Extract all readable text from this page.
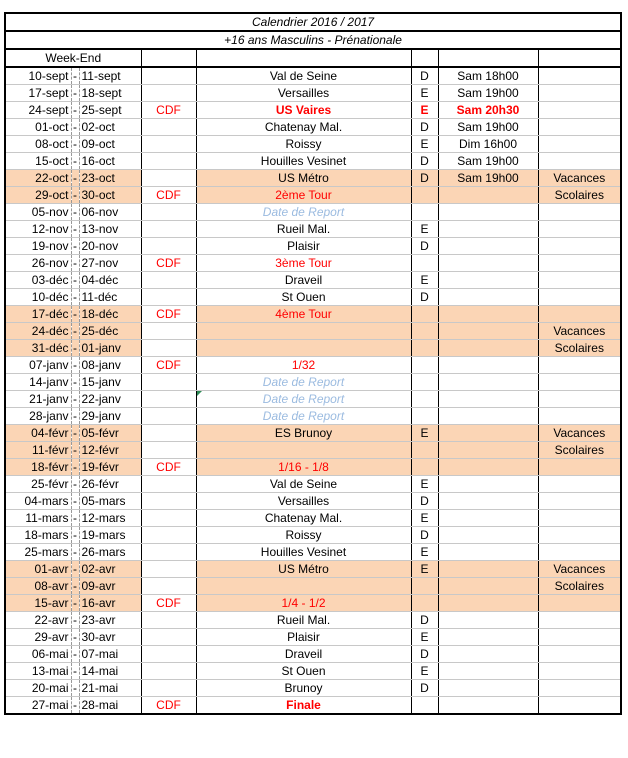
Calendrier 2016 / 2017							

+16 ans Masculins - Prénationale							

Week-End							
10-sept	-	11-sept		Val de Seine	D	Sam 18h00	
17-sept	-	18-sept		Versailles	E	Sam 19h00	
24-sept	-	25-sept	CDF	US Vaires	E	Sam 20h30	
01-oct	-	02-oct		Chatenay Mal.	D	Sam 19h00	
08-oct	-	09-oct		Roissy	E	Dim 16h00	
15-oct	-	16-oct		Houilles Vesinet	D	Sam 19h00	
22-oct	-	23-oct		US Métro	D	Sam 19h00	Vacances
29-oct	-	30-oct	CDF	2ème Tour			Scolaires
05-nov	-	06-nov		Date de Report			
12-nov	-	13-nov		Rueil Mal.	E		
19-nov	-	20-nov		Plaisir	D		
26-nov	-	27-nov	CDF	3ème Tour			
03-déc	-	04-déc		Draveil	E		
10-déc	-	11-déc		St Ouen	D		
17-déc	-	18-déc	CDF	4ème Tour			
24-déc	-	25-déc					Vacances
31-déc	-	01-janv					Scolaires
07-janv	-	08-janv	CDF	1/32			
14-janv	-	15-janv		Date de Report			
21-janv	-	22-janv		Date de Report			
28-janv	-	29-janv		Date de Report			
04-févr	-	05-févr		ES Brunoy	E		Vacances
11-févr	-	12-févr					Scolaires
18-févr	-	19-févr	CDF	1/16 - 1/8			
25-févr	-	26-févr		Val de Seine	E		
04-mars	-	05-mars		Versailles	D		
11-mars	-	12-mars		Chatenay Mal.	E		
18-mars	-	19-mars		Roissy	D		
25-mars	-	26-mars		Houilles Vesinet	E		
01-avr	-	02-avr		US Métro	E		Vacances
08-avr	-	09-avr					Scolaires
15-avr	-	16-avr	CDF	1/4 - 1/2			
22-avr	-	23-avr		Rueil Mal.	D		
29-avr	-	30-avr		Plaisir	E		
06-mai	-	07-mai		Draveil	D		
13-mai	-	14-mai		St Ouen	E		
20-mai	-	21-mai		Brunoy	D		
27-mai	-	28-mai	CDF	Finale			
